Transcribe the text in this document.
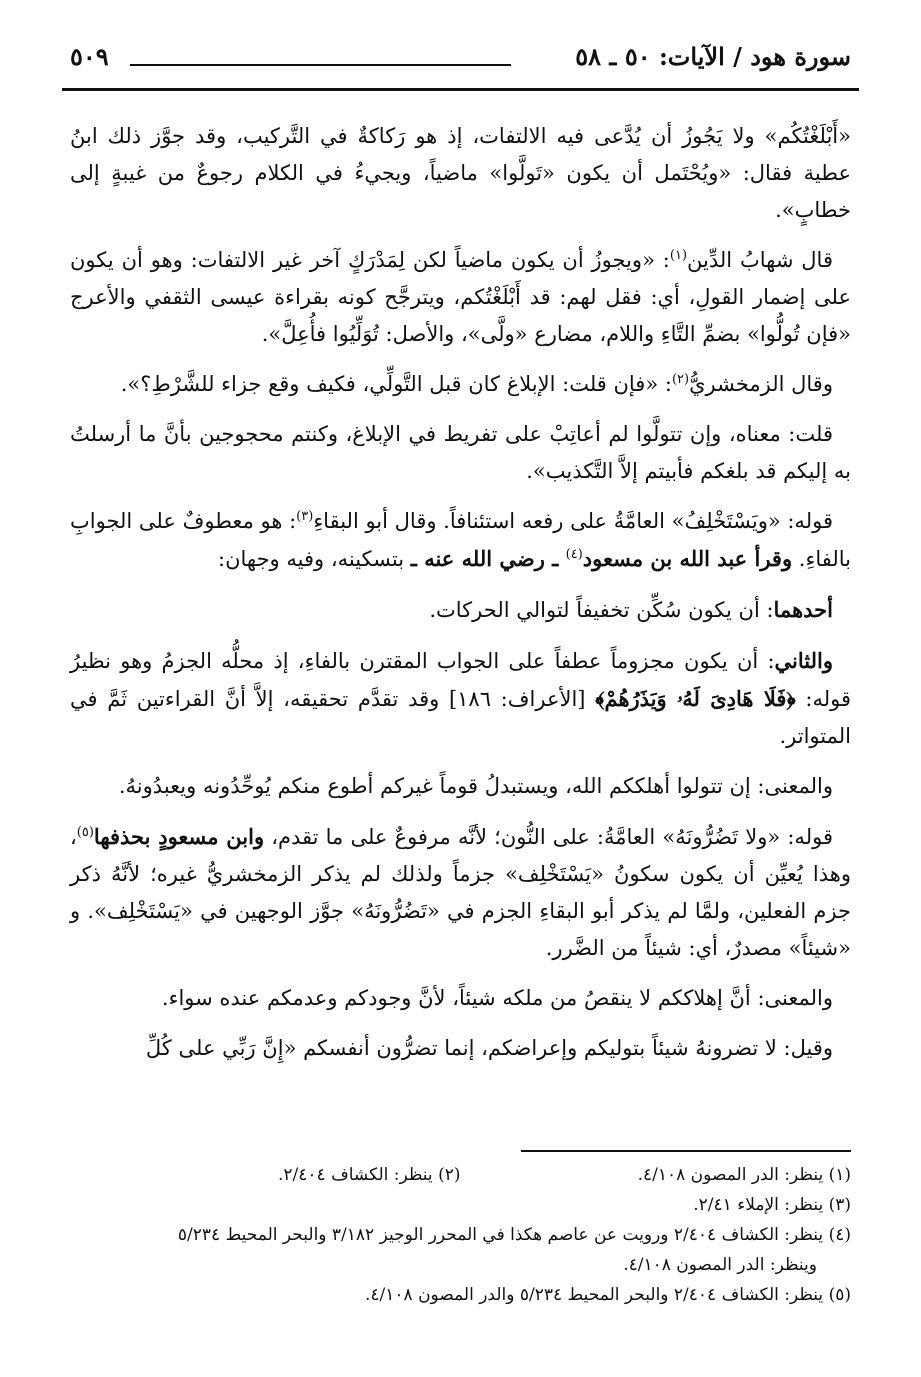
سورة هود / الآيات: ٥٠ ـ ٥٨
٥٠٩

«أَبْلَغْتُكُم» ولا يَجُوزُ أن يُدَّعى فيه الالتفات، إذ هو رَكاكةٌ في التَّركيب، وقد جوَّز ذلك ابنُ عطية فقال: «ويُحْتَمل أن يكون «تَولَّوا» ماضياً، ويجيءُ في الكلام رجوعٌ من غيبةٍ إلى خطابٍ».

قال شهابُ الدِّين$^{(١)}$: «ويجوزُ أن يكون ماضياً لكن لِمَدْرَكٍ آخر غير الالتفات: وهو أن يكون على إضمار القولِ، أي: فقل لهم: قد أَبْلَغْتُكم، ويترجَّح كونه بقراءة عيسى الثقفي والأعرج «فإن تُولُّوا» بضمِّ التَّاءِ واللام، مضارع «ولَّى»، والأصل: تُوَلِّيُوا فأُعِلَّ».

وقال الزمخشريُّ$^{(٢)}$: «فإن قلت: الإبلاغ كان قبل التَّولِّي، فكيف وقع جزاء للشَّرْطِ؟».

قلت: معناه، وإن تتولَّوا لم أعاتِبْ على تفريط في الإبلاغ، وكنتم محجوجين بأنَّ ما أرسلتُ به إليكم قد بلغكم فأبيتم إلاَّ التَّكذيب».

قوله: «ويَسْتَخْلِفُ» العامَّةُ على رفعه استئنافاً. وقال أبو البقاءِ$^{(٣)}$: هو معطوفٌ على الجوابِ بالفاءِ. وقرأ عبد الله بن مسعود$^{(٤)}$ ـ رضي الله عنه ـ بتسكينه، وفيه وجهان:

أحدهما: أن يكون سُكِّن تخفيفاً لتوالي الحركات.

والثاني: أن يكون مجزوماً عطفاً على الجواب المقترن بالفاءِ، إذ محلُّه الجزمُ وهو نظيرُ قوله: ﴿فَلَا هَادِىَ لَهُۥ وَيَذَرُهُمْ﴾ [الأعراف: ١٨٦] وقد تقدَّم تحقيقه، إلاَّ أنَّ القراءتين ثَمَّ في المتواتر.

والمعنى: إن تتولوا أهلككم الله، ويستبدلُ قوماً غيركم أطوع منكم يُوحِّدُونه ويعبدُونهُ.

قوله: «ولا تَضُرُّونَهُ» العامَّةُ: على النُّون؛ لأنَّه مرفوعٌ على ما تقدم، وابن مسعودٍ بحذفها$^{(٥)}$، وهذا يُعيِّن أن يكون سكونُ «يَسْتَخْلِف» جزماً ولذلك لم يذكر الزمخشريُّ غيره؛ لأنَّهُ ذكر جزم الفعلين، ولمَّا لم يذكر أبو البقاءِ الجزم في «تَضُرُّونَهُ» جوَّز الوجهين في «يَسْتَخْلِف». و «شيئاً» مصدرٌ، أي: شيئاً من الضَّرر.

والمعنى: أنَّ إهلاككم لا ينقصُ من ملكه شيئاً، لأنَّ وجودكم وعدمكم عنده سواء.

وقيل: لا تضرونهُ شيئاً بتوليكم وإعراضكم، إنما تضرُّون أنفسكم «إِنَّ رَبِّي على كُلِّ

(١) ينظر: الدر المصون ٤/١٠٨.
(٢) ينظر: الكشاف ٢/٤٠٤.
(٣) ينظر: الإملاء ٢/٤١.
(٤) ينظر: الكشاف ٢/٤٠٤ ورويت عن عاصم هكذا في المحرر الوجيز ٣/١٨٢ والبحر المحيط ٥/٢٣٤
وينظر: الدر المصون ٤/١٠٨.
(٥) ينظر: الكشاف ٢/٤٠٤ والبحر المحيط ٥/٢٣٤ والدر المصون ٤/١٠٨.
